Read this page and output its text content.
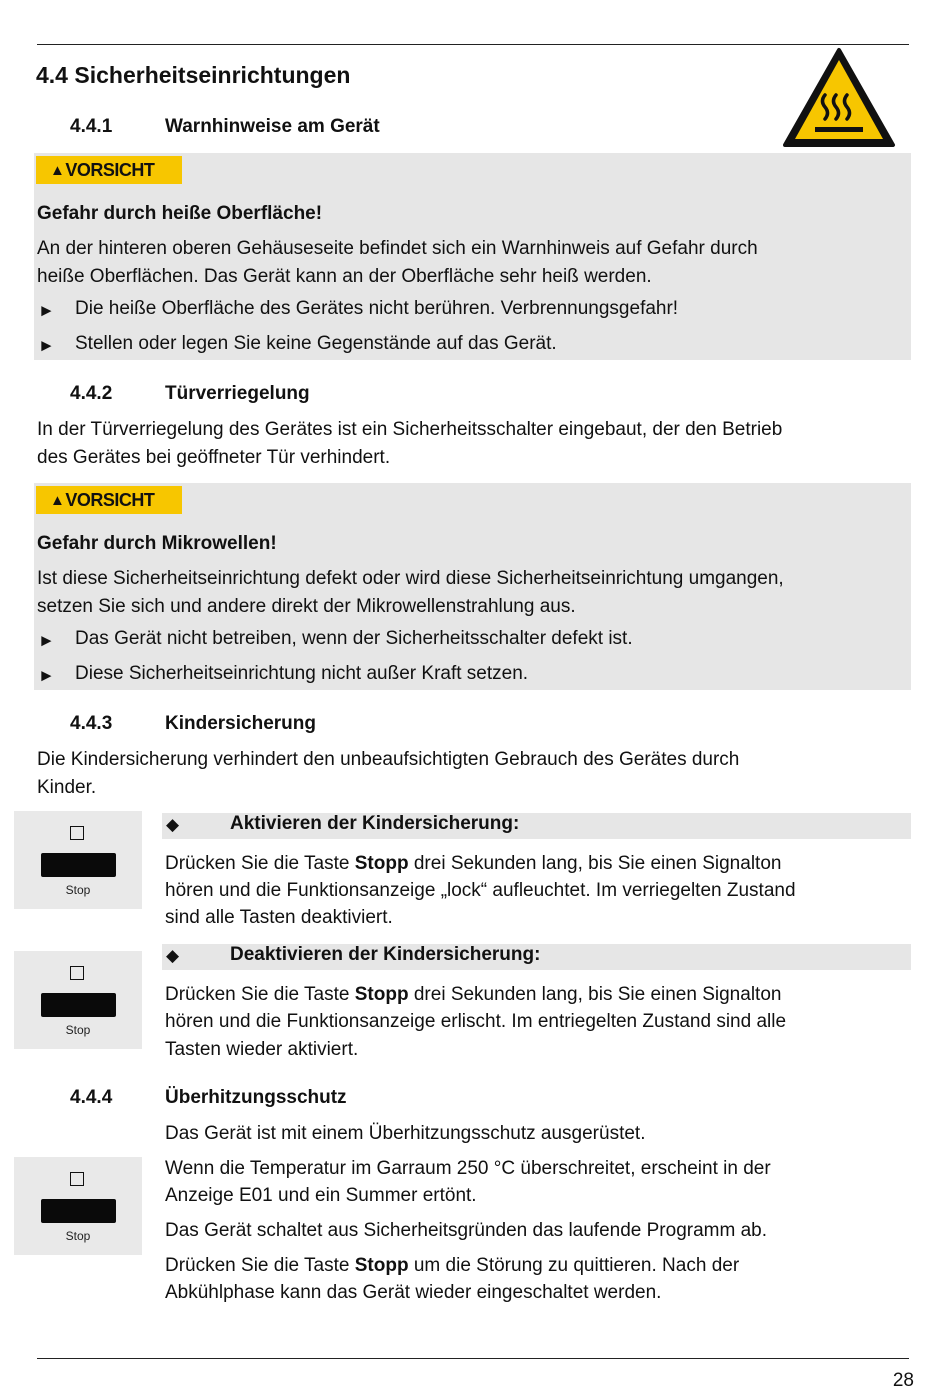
4.4 Sicherheitseinrichtungen
4.4.1	Warnhinweise am Gerät
▲ VORSICHT
Gefahr durch heiße Oberfläche!
An der hinteren oberen Gehäuseseite befindet sich ein Warnhinweis auf Gefahr durch
heiße Oberflächen. Das Gerät kann an der Oberfläche sehr heiß werden.
► Die heiße Oberfläche des Gerätes nicht berühren. Verbrennungsgefahr!
► Stellen oder legen Sie keine Gegenstände auf das Gerät.
4.4.2	Türverriegelung
In der Türverriegelung des Gerätes ist ein Sicherheitsschalter eingebaut, der den Betrieb
des Gerätes bei geöffneter Tür verhindert.
▲ VORSICHT
Gefahr durch Mikrowellen!
Ist diese Sicherheitseinrichtung defekt oder wird diese Sicherheitseinrichtung umgangen,
setzen Sie sich und andere direkt der Mikrowellenstrahlung aus.
► Das Gerät nicht betreiben, wenn der Sicherheitsschalter defekt ist.
► Diese Sicherheitseinrichtung nicht außer Kraft setzen.
4.4.3	Kindersicherung
Die Kindersicherung verhindert den unbeaufsichtigten Gebrauch des Gerätes durch
Kinder.
Stop
◆	Aktivieren der Kindersicherung:
Drücken Sie die Taste Stopp drei Sekunden lang, bis Sie einen Signalton
hören und die Funktionsanzeige „lock“ aufleuchtet. Im verriegelten Zustand
sind alle Tasten deaktiviert.
Stop
◆	Deaktivieren der Kindersicherung:
Drücken Sie die Taste Stopp drei Sekunden lang, bis Sie einen Signalton
hören und die Funktionsanzeige erlischt. Im entriegelten Zustand sind alle
Tasten wieder aktiviert.
4.4.4	Überhitzungsschutz
Das Gerät ist mit einem Überhitzungsschutz ausgerüstet.
Wenn die Temperatur im Garraum 250 °C überschreitet, erscheint in der
Anzeige E01 und ein Summer ertönt.
Das Gerät schaltet aus Sicherheitsgründen das laufende Programm ab.
Drücken Sie die Taste Stopp um die Störung zu quittieren. Nach der
Abkühlphase kann das Gerät wieder eingeschaltet werden.
Stop
28
